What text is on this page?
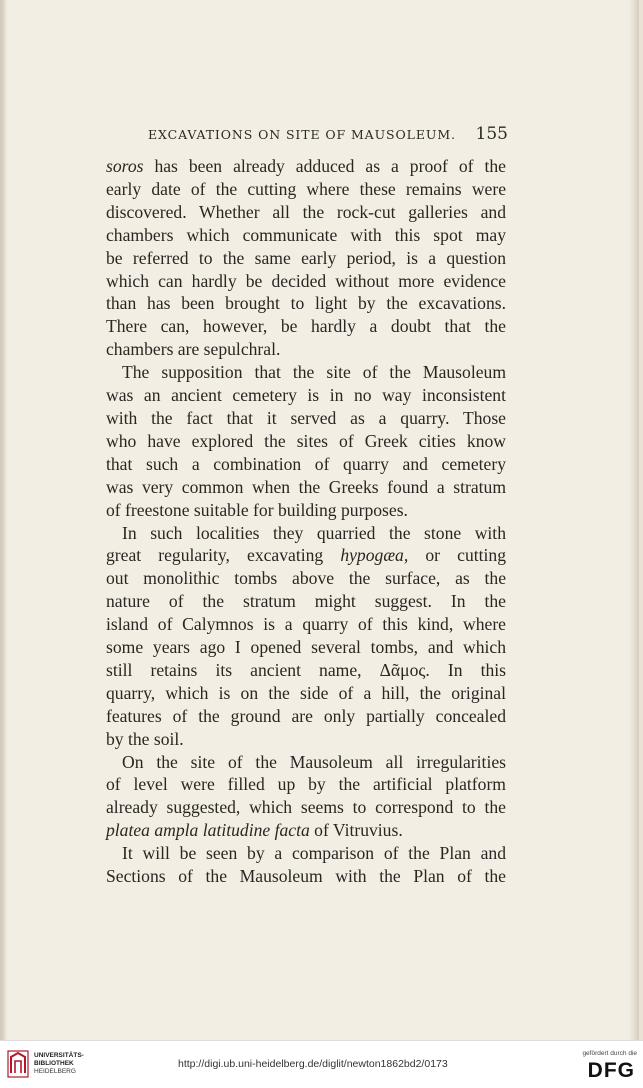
EXCAVATIONS ON SITE OF MAUSOLEUM. 155
soros has been already adduced as a proof of the
early date of the cutting where these remains were
discovered. Whether all the rock-cut galleries and
chambers which communicate with this spot may
be referred to the same early period, is a question
which can hardly be decided without more evidence
than has been brought to light by the excavations.
There can, however, be hardly a doubt that the
chambers are sepulchral.
The supposition that the site of the Mausoleum
was an ancient cemetery is in no way inconsistent
with the fact that it served as a quarry. Those
who have explored the sites of Greek cities know
that such a combination of quarry and cemetery
was very common when the Greeks found a stratum
of freestone suitable for building purposes.
In such localities they quarried the stone with
great regularity, excavating hypogæa, or cutting
out monolithic tombs above the surface, as the
nature of the stratum might suggest. In the
island of Calymnos is a quarry of this kind, where
some years ago I opened several tombs, and which
still retains its ancient name, Δᾶμος. In this
quarry, which is on the side of a hill, the original
features of the ground are only partially concealed
by the soil.
On the site of the Mausoleum all irregularities
of level were filled up by the artificial platform
already suggested, which seems to correspond to the
platea ampla latitudine facta of Vitruvius.
It will be seen by a comparison of the Plan and
Sections of the Mausoleum with the Plan of the
UNIVERSITÄTS-
BIBLIOTHEK
HEIDELBERG
http://digi.ub.uni-heidelberg.de/diglit/newton1862bd2/0173
gefördert durch die
DFG
